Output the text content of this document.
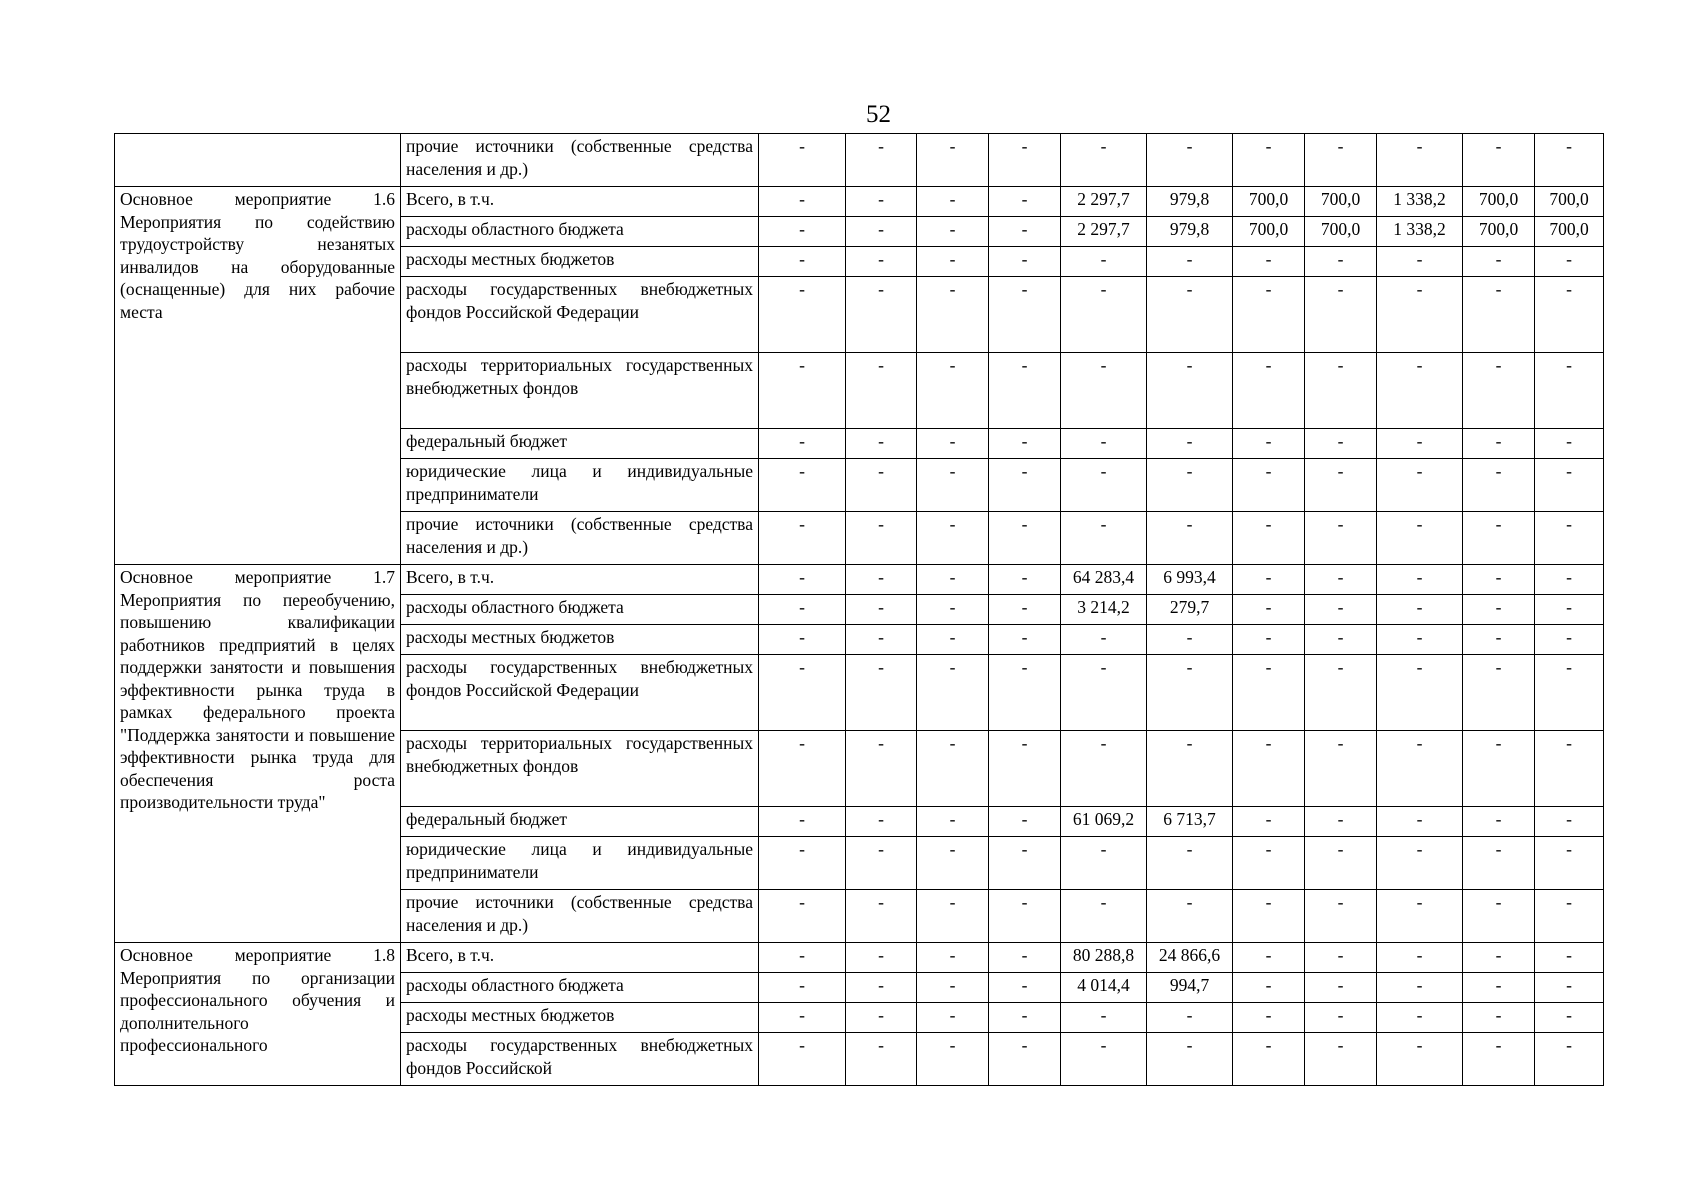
52
	прочие источники (собственные средства населения и др.)	-	-	-	-	-	-	-	-	-	-	-
Основное мероприятие 1.6 Мероприятия по содействию трудоустройству незанятых инвалидов на оборудованные (оснащенные) для них рабочие места	Всего, в т.ч.	-	-	-	-	2 297,7	979,8	700,0	700,0	1 338,2	700,0	700,0
	расходы областного бюджета	-	-	-	-	2 297,7	979,8	700,0	700,0	1 338,2	700,0	700,0
	расходы местных бюджетов	-	-	-	-	-	-	-	-	-	-	-
	расходы государственных внебюджетных фондов Российской Федерации	-	-	-	-	-	-	-	-	-	-	-
	расходы территориальных государственных внебюджетных фондов	-	-	-	-	-	-	-	-	-	-	-
	федеральный бюджет	-	-	-	-	-	-	-	-	-	-	-
	юридические лица и индивидуальные предприниматели	-	-	-	-	-	-	-	-	-	-	-
	прочие источники (собственные средства населения и др.)	-	-	-	-	-	-	-	-	-	-	-
Основное мероприятие 1.7 Мероприятия по переобучению, повышению квалификации работников предприятий в целях поддержки занятости и повышения эффективности рынка труда в рамках федерального проекта "Поддержка занятости и повышение эффективности рынка труда для обеспечения роста производительности труда"	Всего, в т.ч.	-	-	-	-	64 283,4	6 993,4	-	-	-	-	-
	расходы областного бюджета	-	-	-	-	3 214,2	279,7	-	-	-	-	-
	расходы местных бюджетов	-	-	-	-	-	-	-	-	-	-	-
	расходы государственных внебюджетных фондов Российской Федерации	-	-	-	-	-	-	-	-	-	-	-
	расходы территориальных государственных внебюджетных фондов	-	-	-	-	-	-	-	-	-	-	-
	федеральный бюджет	-	-	-	-	61 069,2	6 713,7	-	-	-	-	-
	юридические лица и индивидуальные предприниматели	-	-	-	-	-	-	-	-	-	-	-
	прочие источники (собственные средства населения и др.)	-	-	-	-	-	-	-	-	-	-	-
Основное мероприятие 1.8 Мероприятия по организации профессионального обучения и дополнительного профессионального	Всего, в т.ч.	-	-	-	-	80 288,8	24 866,6	-	-	-	-	-
	расходы областного бюджета	-	-	-	-	4 014,4	994,7	-	-	-	-	-
	расходы местных бюджетов	-	-	-	-	-	-	-	-	-	-	-
	расходы государственных внебюджетных фондов Российской	-	-	-	-	-	-	-	-	-	-	-
